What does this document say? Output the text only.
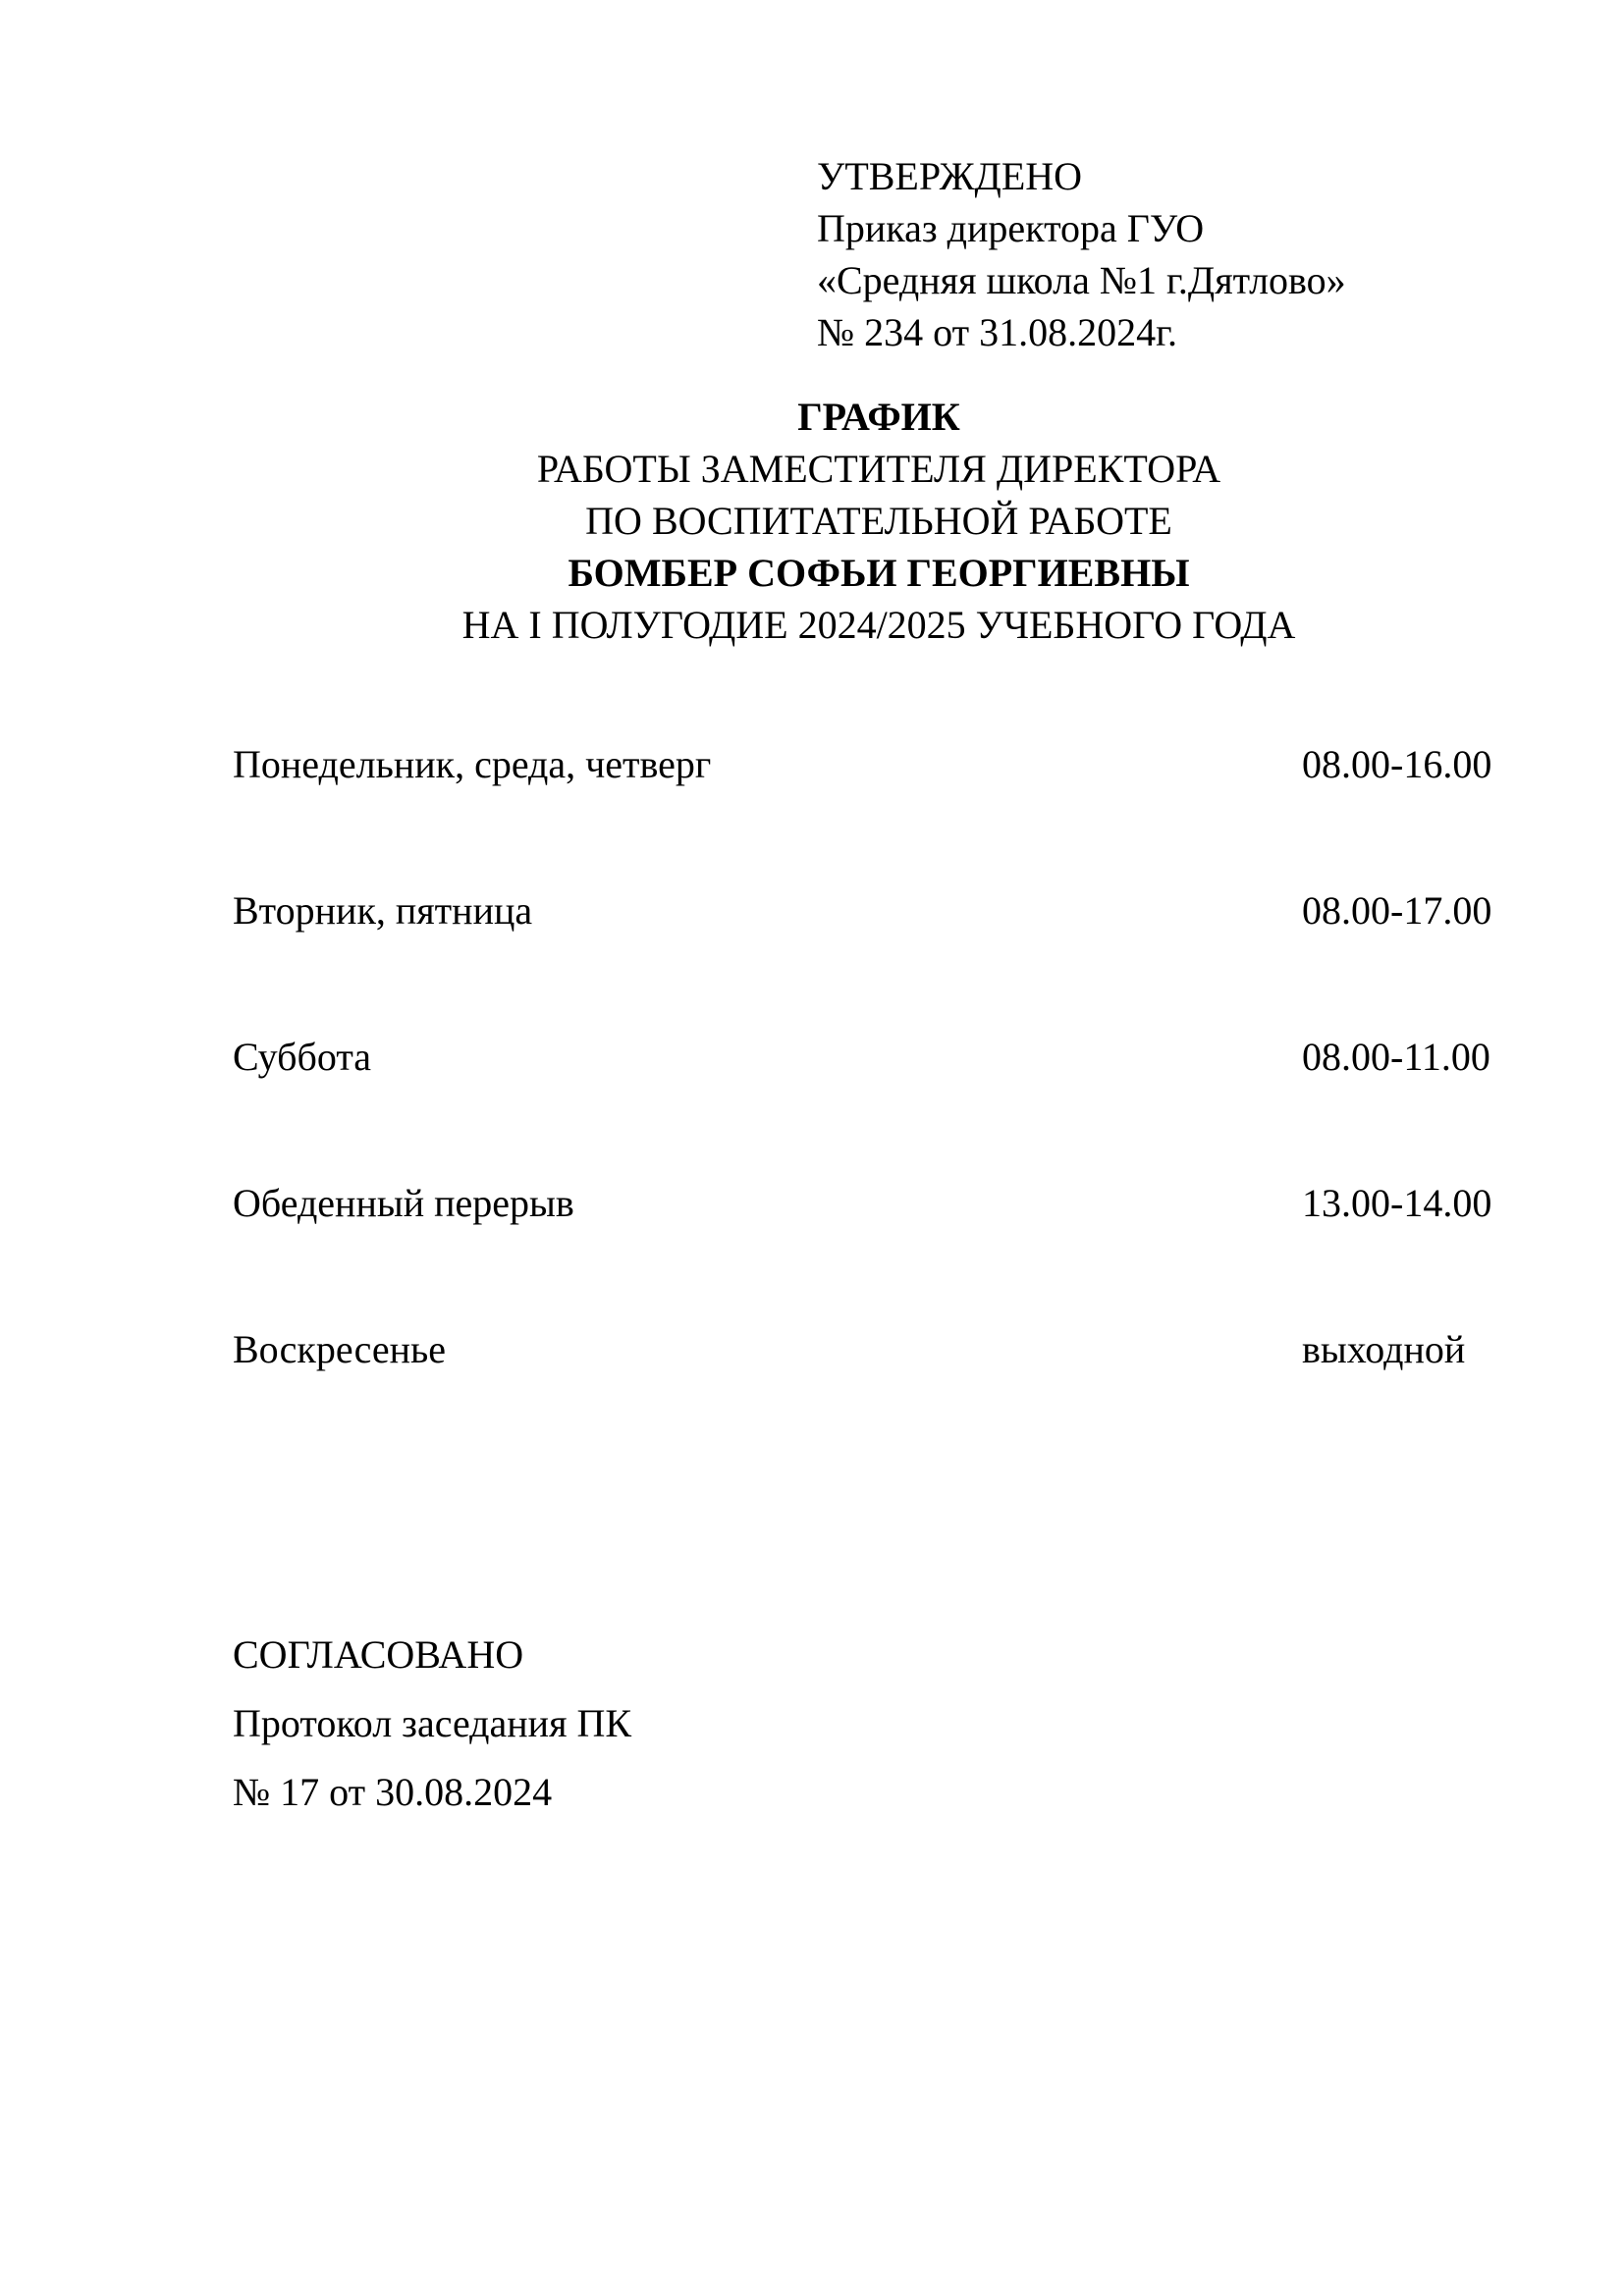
УТВЕРЖДЕНО
Приказ директора ГУО
«Средняя школа №1 г.Дятлово»
№ 234 от 31.08.2024г.
ГРАФИК
РАБОТЫ ЗАМЕСТИТЕЛЯ ДИРЕКТОРА
ПО ВОСПИТАТЕЛЬНОЙ РАБОТЕ
БОМБЕР СОФЬИ ГЕОРГИЕВНЫ
НА I ПОЛУГОДИЕ 2024/2025 УЧЕБНОГО ГОДА
Понедельник, среда, четверг	08.00-16.00
Вторник, пятница	08.00-17.00
Суббота	08.00-11.00
Обеденный перерыв	13.00-14.00
Воскресенье	выходной
СОГЛАСОВАНО
Протокол заседания ПК
№ 17 от 30.08.2024
